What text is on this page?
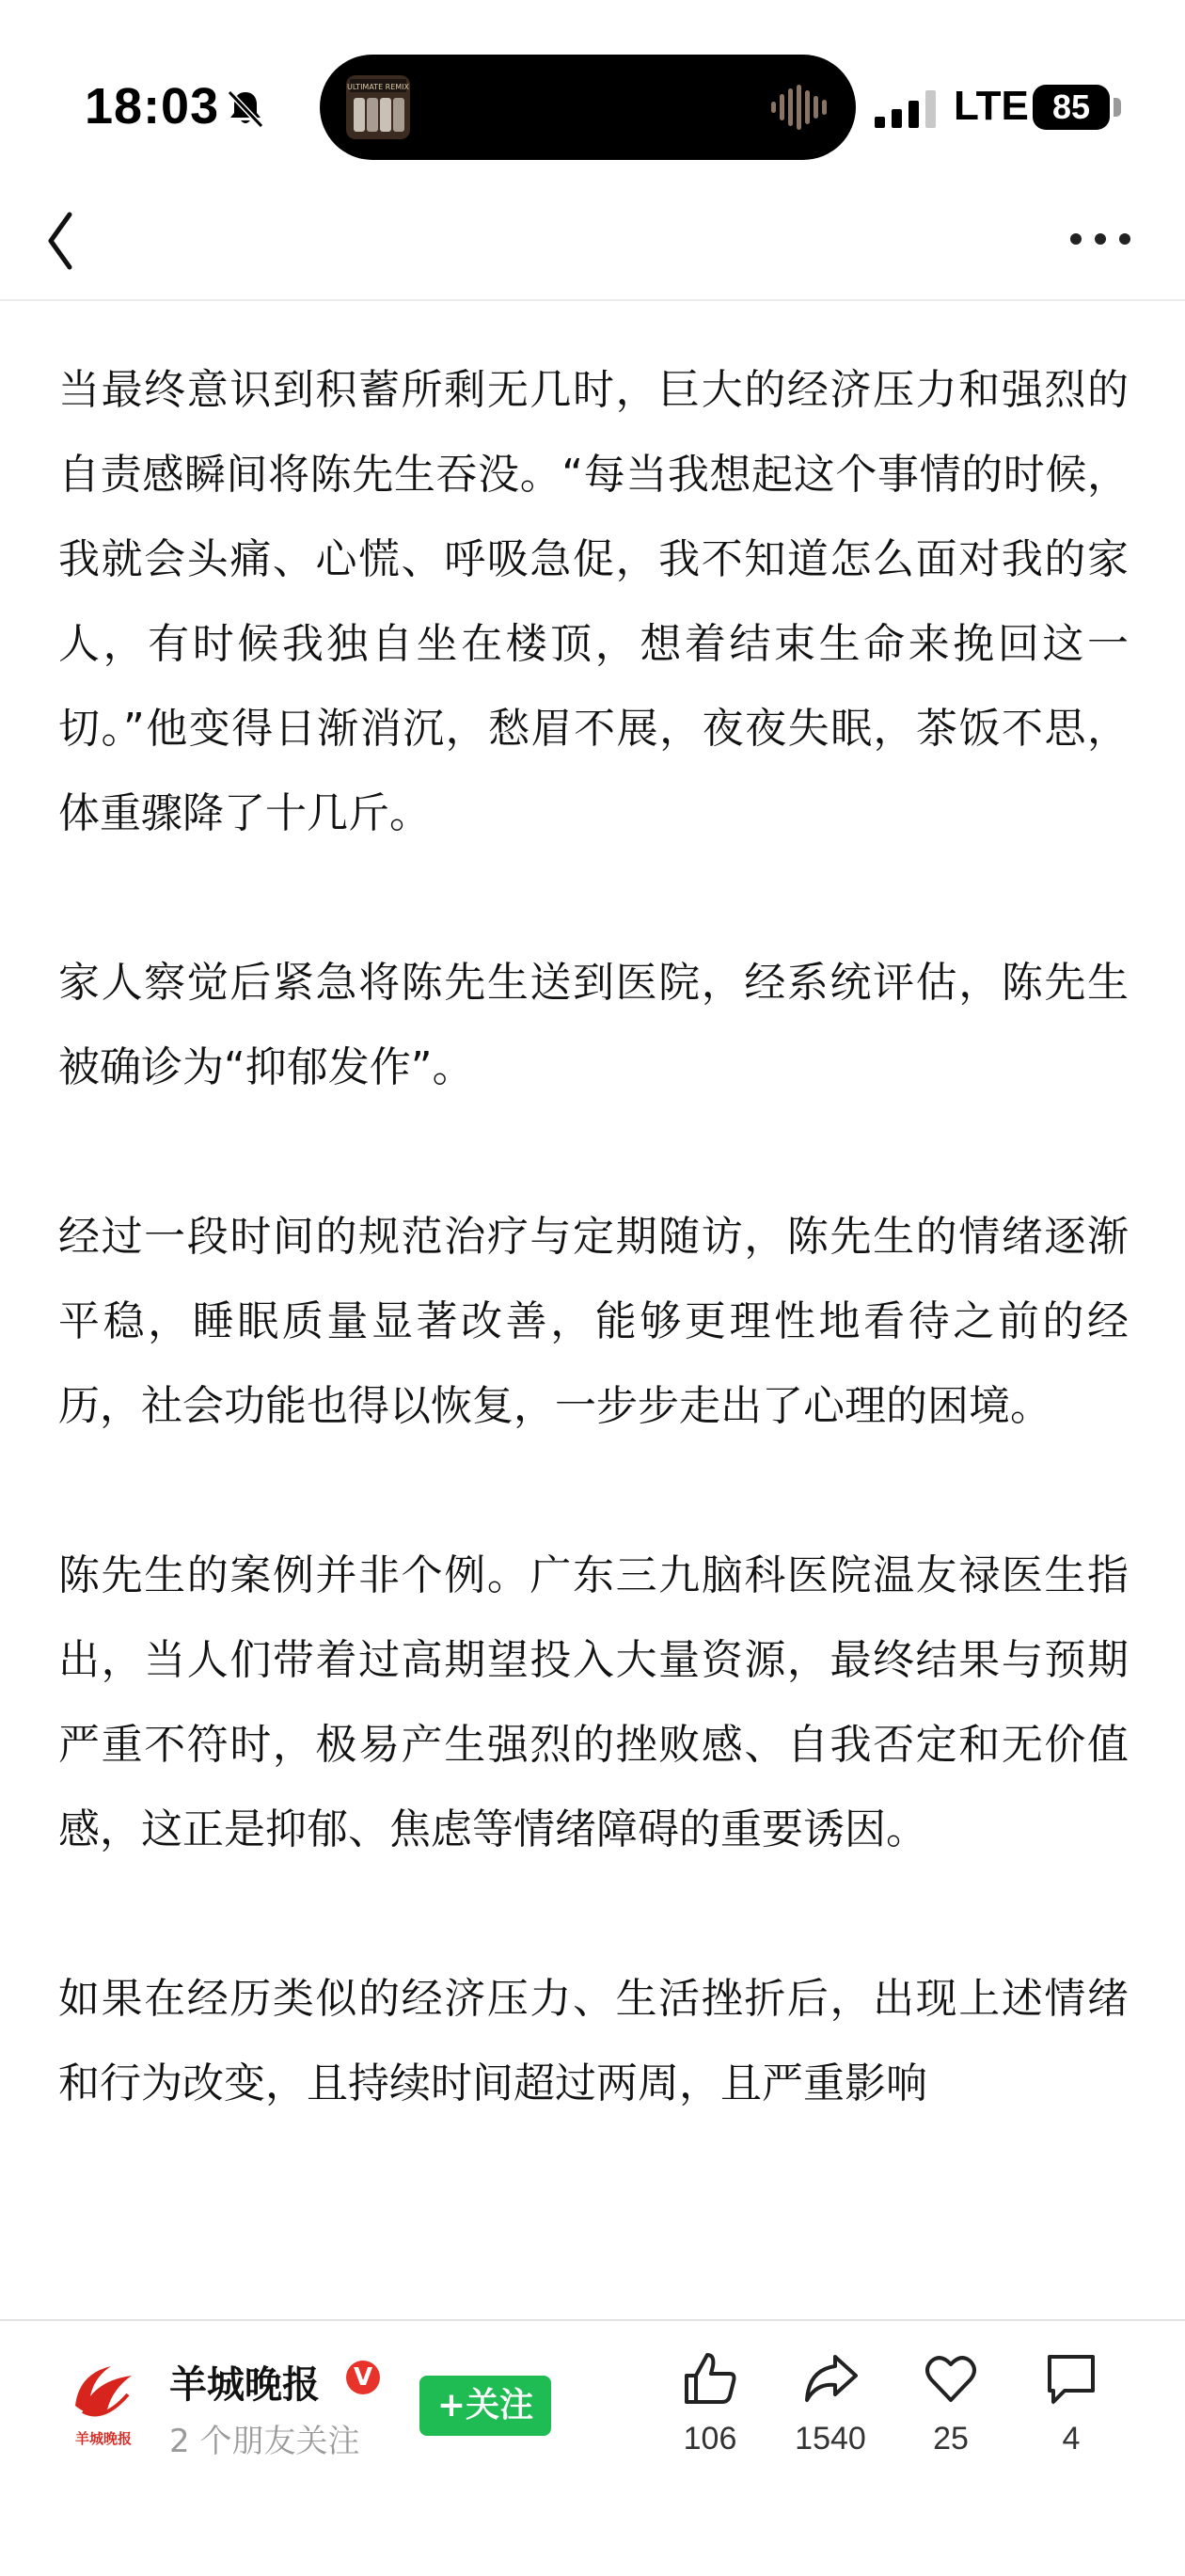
18:03	ULTIMATE REMIX	LTE 85

当最终意识到积蓄所剩无几时，巨大的经济压力和强烈的自责感瞬间将陈先生吞没。“每当我想起这个事情的时候，我就会头痛、心慌、呼吸急促，我不知道怎么面对我的家人，有时候我独自坐在楼顶，想着结束生命来挽回这一切。”他变得日渐消沉，愁眉不展，夜夜失眠，茶饭不思，体重骤降了十几斤。

家人察觉后紧急将陈先生送到医院，经系统评估，陈先生被确诊为“抑郁发作”。

经过一段时间的规范治疗与定期随访，陈先生的情绪逐渐平稳，睡眠质量显著改善，能够更理性地看待之前的经历，社会功能也得以恢复，一步步走出了心理的困境。

陈先生的案例并非个例。广东三九脑科医院温友禄医生指出，当人们带着过高期望投入大量资源，最终结果与预期严重不符时，极易产生强烈的挫败感、自我否定和无价值感，这正是抑郁、焦虑等情绪障碍的重要诱因。

如果在经历类似的经济压力、生活挫折后，出现上述情绪和行为改变，且持续时间超过两周，且严重影响

羊城晚报
羊城晚报	V
2 个朋友关注
+关注
106	1540	25	4
